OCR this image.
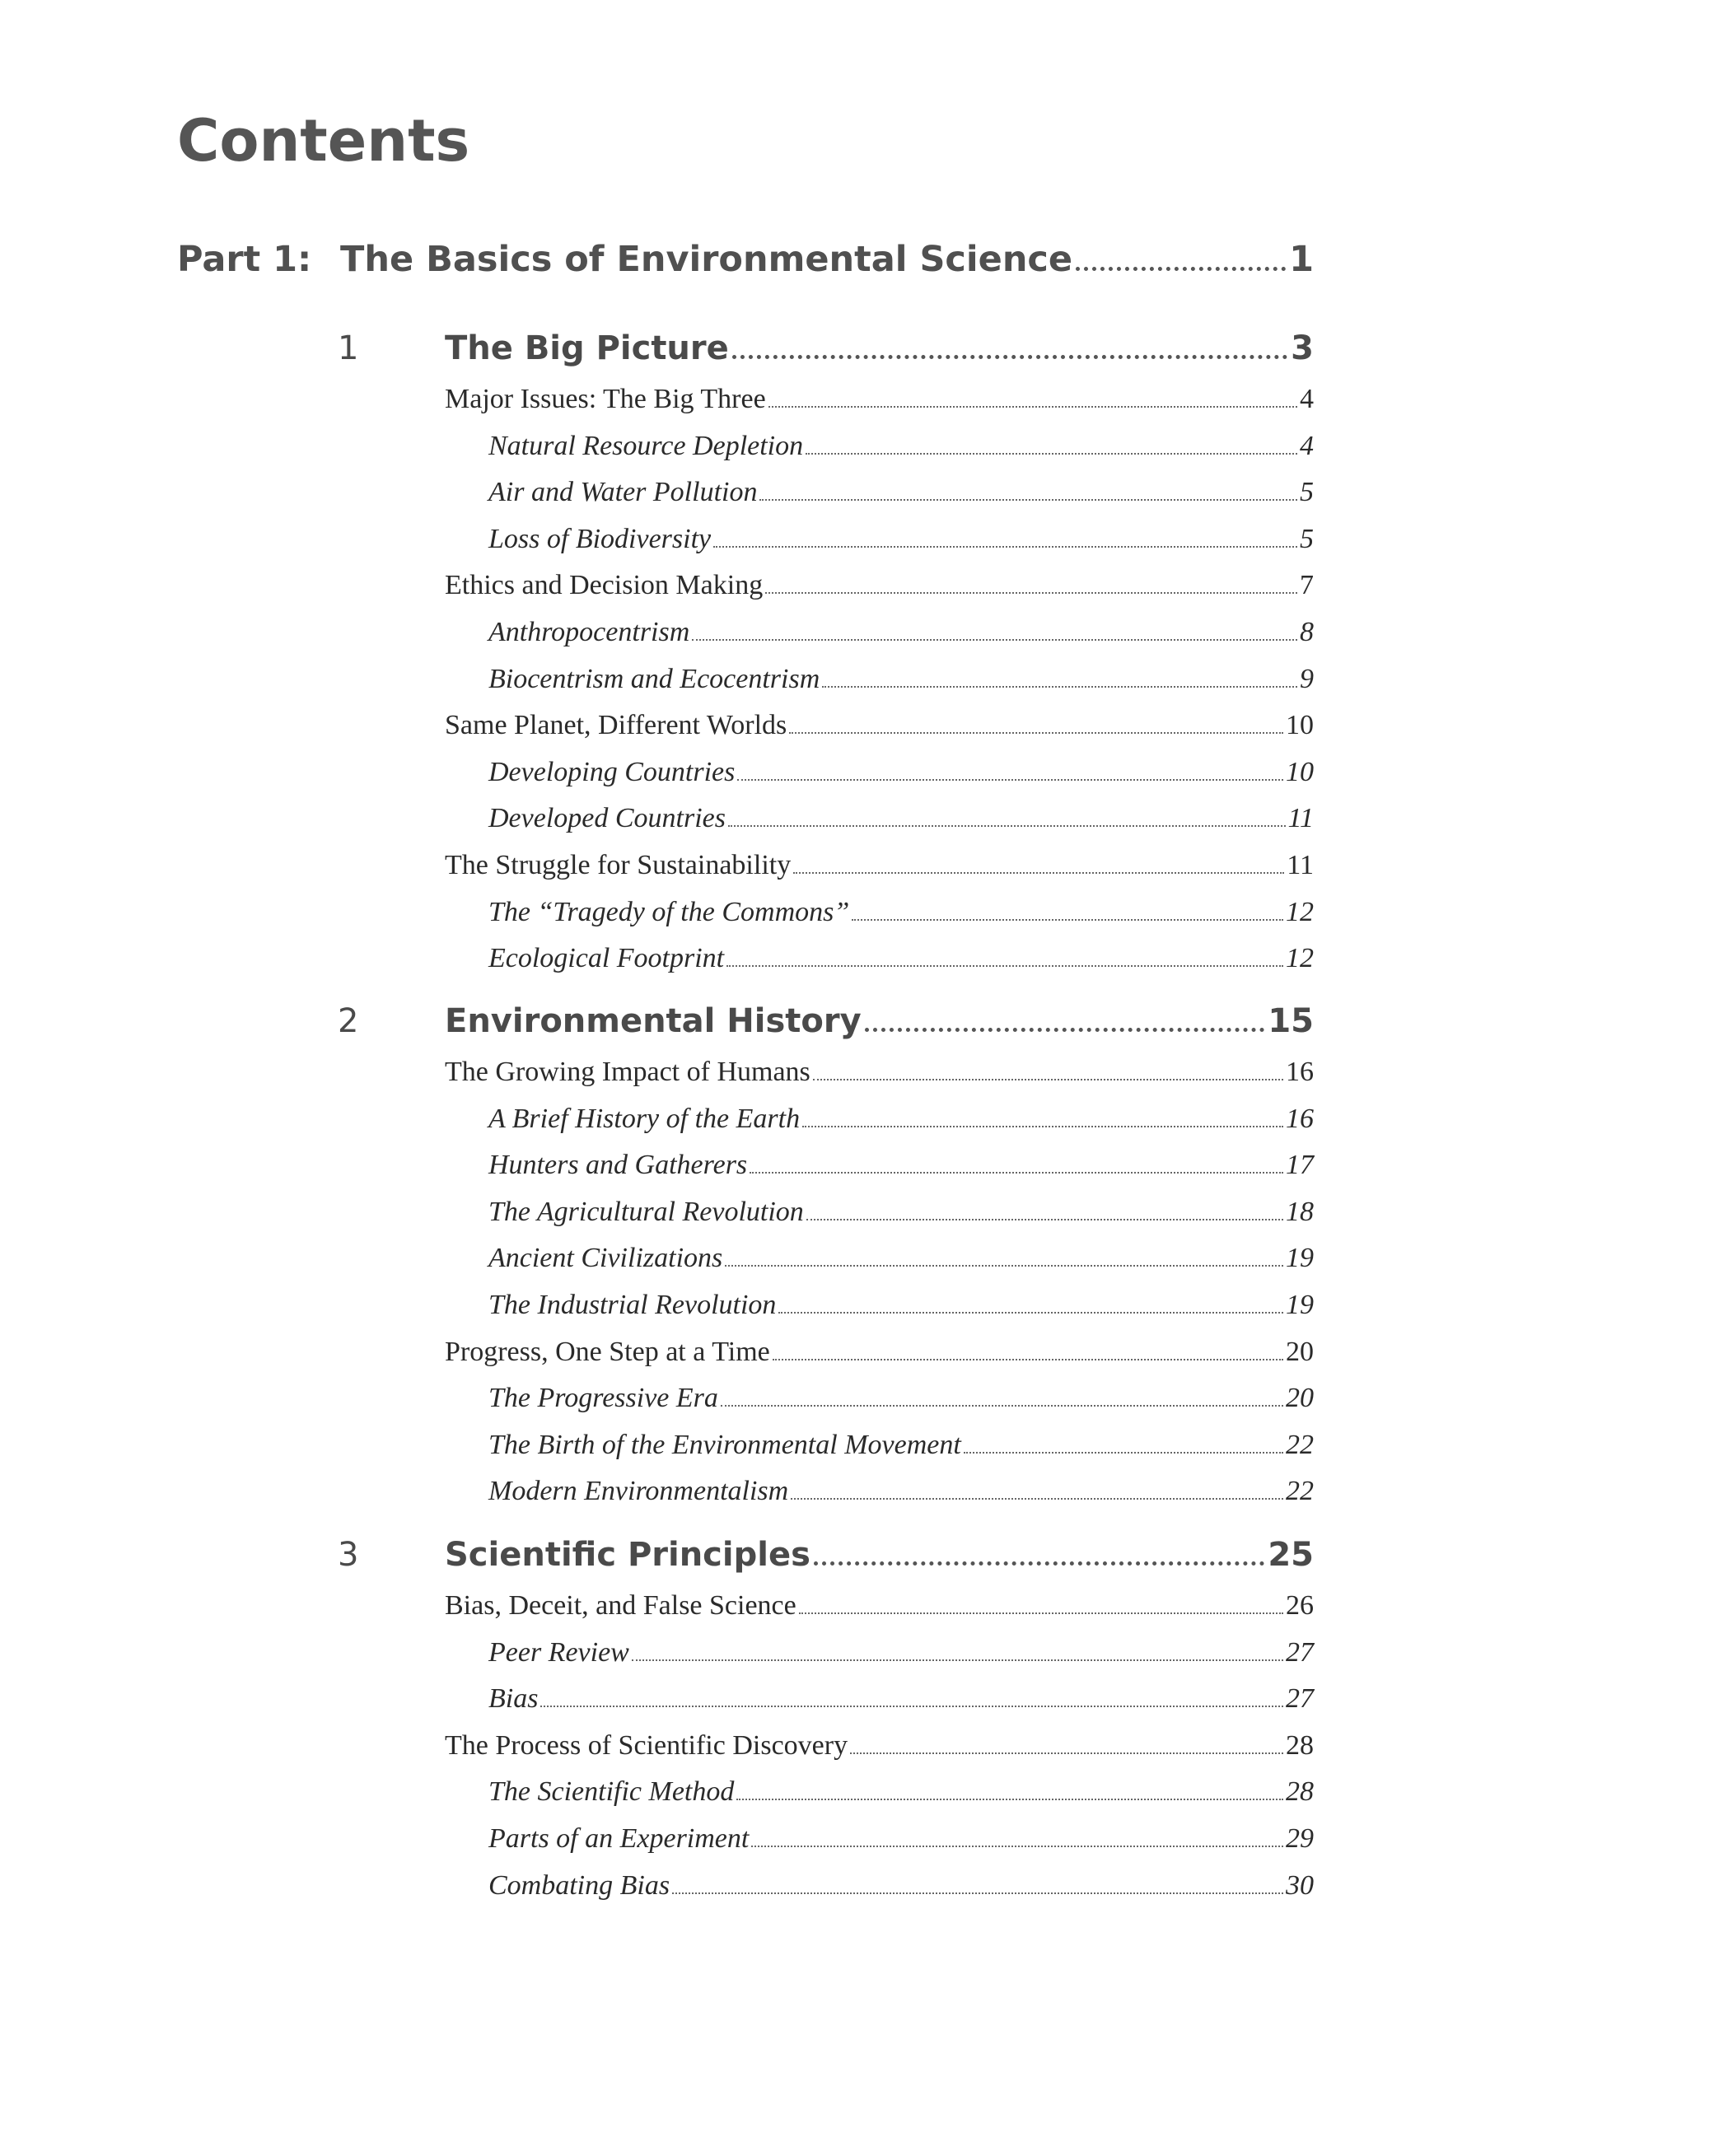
Contents
Part 1: The Basics of Environmental Science	1
1	The Big Picture	3
Major Issues: The Big Three	4
Natural Resource Depletion	4
Air and Water Pollution	5
Loss of Biodiversity	5
Ethics and Decision Making	7
Anthropocentrism	8
Biocentrism and Ecocentrism	9
Same Planet, Different Worlds	10
Developing Countries	10
Developed Countries	11
The Struggle for Sustainability	11
The “Tragedy of the Commons”	12
Ecological Footprint	12
2	Environmental History	15
The Growing Impact of Humans	16
A Brief History of the Earth	16
Hunters and Gatherers	17
The Agricultural Revolution	18
Ancient Civilizations	19
The Industrial Revolution	19
Progress, One Step at a Time	20
The Progressive Era	20
The Birth of the Environmental Movement	22
Modern Environmentalism	22
3	Scientific Principles	25
Bias, Deceit, and False Science	26
Peer Review	27
Bias	27
The Process of Scientific Discovery	28
The Scientific Method	28
Parts of an Experiment	29
Combating Bias	30
